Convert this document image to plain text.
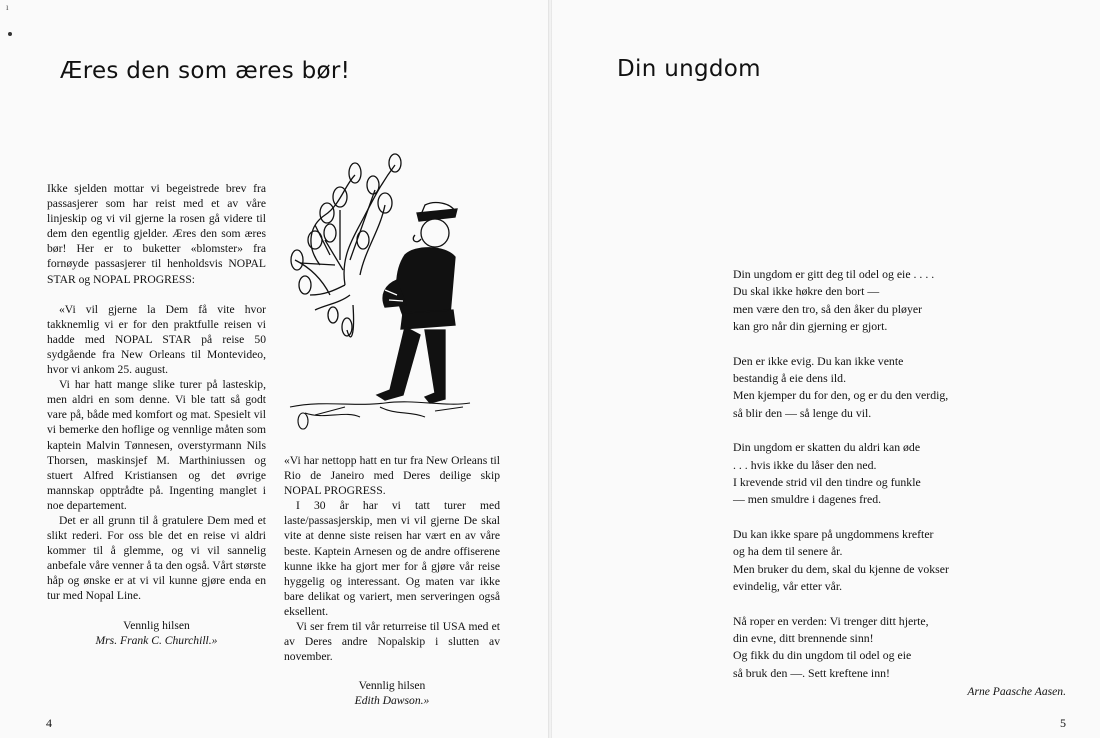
ı
Æres den som æres bør!

Ikke sjelden mottar vi begeistrede brev fra passasjerer som har reist med et av våre linjeskip og vi vil gjerne la rosen gå videre til dem den egentlig gjelder. Æres den som æres bør! Her er to buketter «blomster» fra fornøyde passasjerer til henholdsvis NOPAL STAR og NOPAL PROGRESS:

«Vi vil gjerne la Dem få vite hvor takknemlig vi er for den praktfulle reisen vi hadde med NOPAL STAR på reise 50 sydgående fra New Orleans til Montevideo, hvor vi ankom 25. august.

Vi har hatt mange slike turer på lasteskip, men aldri en som denne. Vi ble tatt så godt vare på, både med komfort og mat. Spesielt vil vi bemerke den hoflige og vennlige måten som kaptein Malvin Tønnesen, overstyrmann Nils Thorsen, maskinsjef M. Marthiniussen og stuert Alfred Kristiansen og det øvrige mannskap opptrådte på. Ingenting manglet i noe departement.

Det er all grunn til å gratulere Dem med et slikt rederi. For oss ble det en reise vi aldri kommer til å glemme, og vi vil sannelig anbefale våre venner å ta den også. Vårt største håp og ønske er at vi vil kunne gjøre enda en tur med Nopal Line.

Vennlig hilsen
Mrs. Frank C. Churchill.»

«Vi har nettopp hatt en tur fra New Orleans til Rio de Janeiro med Deres deilige skip NOPAL PROGRESS.

I 30 år har vi tatt turer med laste/passasjerskip, men vi vil gjerne De skal vite at denne siste reisen har vært en av våre beste. Kaptein Arnesen og de andre offiserene kunne ikke ha gjort mer for å gjøre vår reise hyggelig og interessant. Og maten var ikke bare delikat og variert, men serveringen også eksellent.

Vi ser frem til vår returreise til USA med et av Deres andre Nopalskip i slutten av november.

Vennlig hilsen
Edith Dawson.»
4
Din ungdom
Din ungdom er gitt deg til odel og eie . . . .
Du skal ikke høkre den bort —
men være den tro, så den åker du pløyer
kan gro når din gjerning er gjort.
Den er ikke evig. Du kan ikke vente
bestandig å eie dens ild.
Men kjemper du for den, og er du den verdig,
så blir den — så lenge du vil.
Din ungdom er skatten du aldri kan øde
. . . hvis ikke du låser den ned.
I krevende strid vil den tindre og funkle
— men smuldre i dagenes fred.
Du kan ikke spare på ungdommens krefter
og ha dem til senere år.
Men bruker du dem, skal du kjenne de vokser
evindelig, vår etter vår.
Nå roper en verden: Vi trenger ditt hjerte,
din evne, ditt brennende sinn!
Og fikk du din ungdom til odel og eie
så bruk den —. Sett kreftene inn!
Arne Paasche Aasen.
5
